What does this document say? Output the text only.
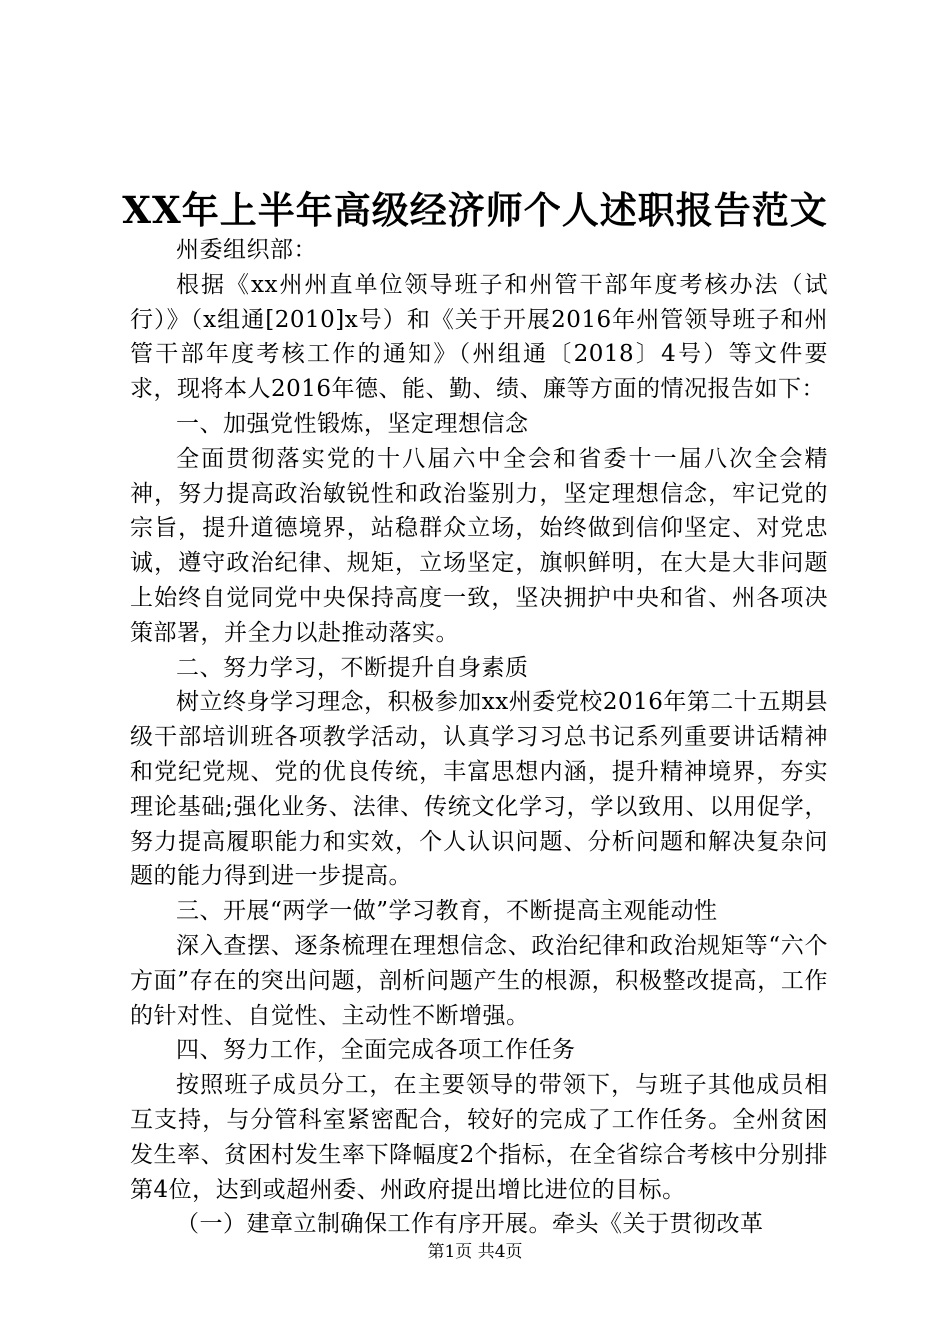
XX年上半年高级经济师个人述职报告范文

州委组织部：

根据《xx州州直单位领导班子和州管干部年度考核办法（试行）》（x组通[2010]x号）和《关于开展2016年州管领导班子和州管干部年度考核工作的通知》（州组通〔2018〕4号）等文件要求，现将本人2016年德、能、勤、绩、廉等方面的情况报告如下：

一、加强党性锻炼，坚定理想信念

全面贯彻落实党的十八届六中全会和省委十一届八次全会精神，努力提高政治敏锐性和政治鉴别力，坚定理想信念，牢记党的宗旨，提升道德境界，站稳群众立场，始终做到信仰坚定、对党忠诚，遵守政治纪律、规矩，立场坚定，旗帜鲜明，在大是大非问题上始终自觉同党中央保持高度一致，坚决拥护中央和省、州各项决策部署，并全力以赴推动落实。

二、努力学习，不断提升自身素质

树立终身学习理念，积极参加xx州委党校2016年第二十五期县级干部培训班各项教学活动，认真学习习总书记系列重要讲话精神和党纪党规、党的优良传统，丰富思想内涵，提升精神境界，夯实理论基础;强化业务、法律、传统文化学习，学以致用、以用促学，努力提高履职能力和实效，个人认识问题、分析问题和解决复杂问题的能力得到进一步提高。

三、开展“两学一做”学习教育，不断提高主观能动性

深入查摆、逐条梳理在理想信念、政治纪律和政治规矩等“六个方面”存在的突出问题，剖析问题产生的根源，积极整改提高，工作的针对性、自觉性、主动性不断增强。

四、努力工作，全面完成各项工作任务

按照班子成员分工，在主要领导的带领下，与班子其他成员相互支持，与分管科室紧密配合，较好的完成了工作任务。全州贫困发生率、贫困村发生率下降幅度2个指标，在全省综合考核中分别排第4位，达到或超州委、州政府提出增比进位的目标。

（一）建章立制确保工作有序开展。牵头《关于贯彻改革

第1页 共4页
